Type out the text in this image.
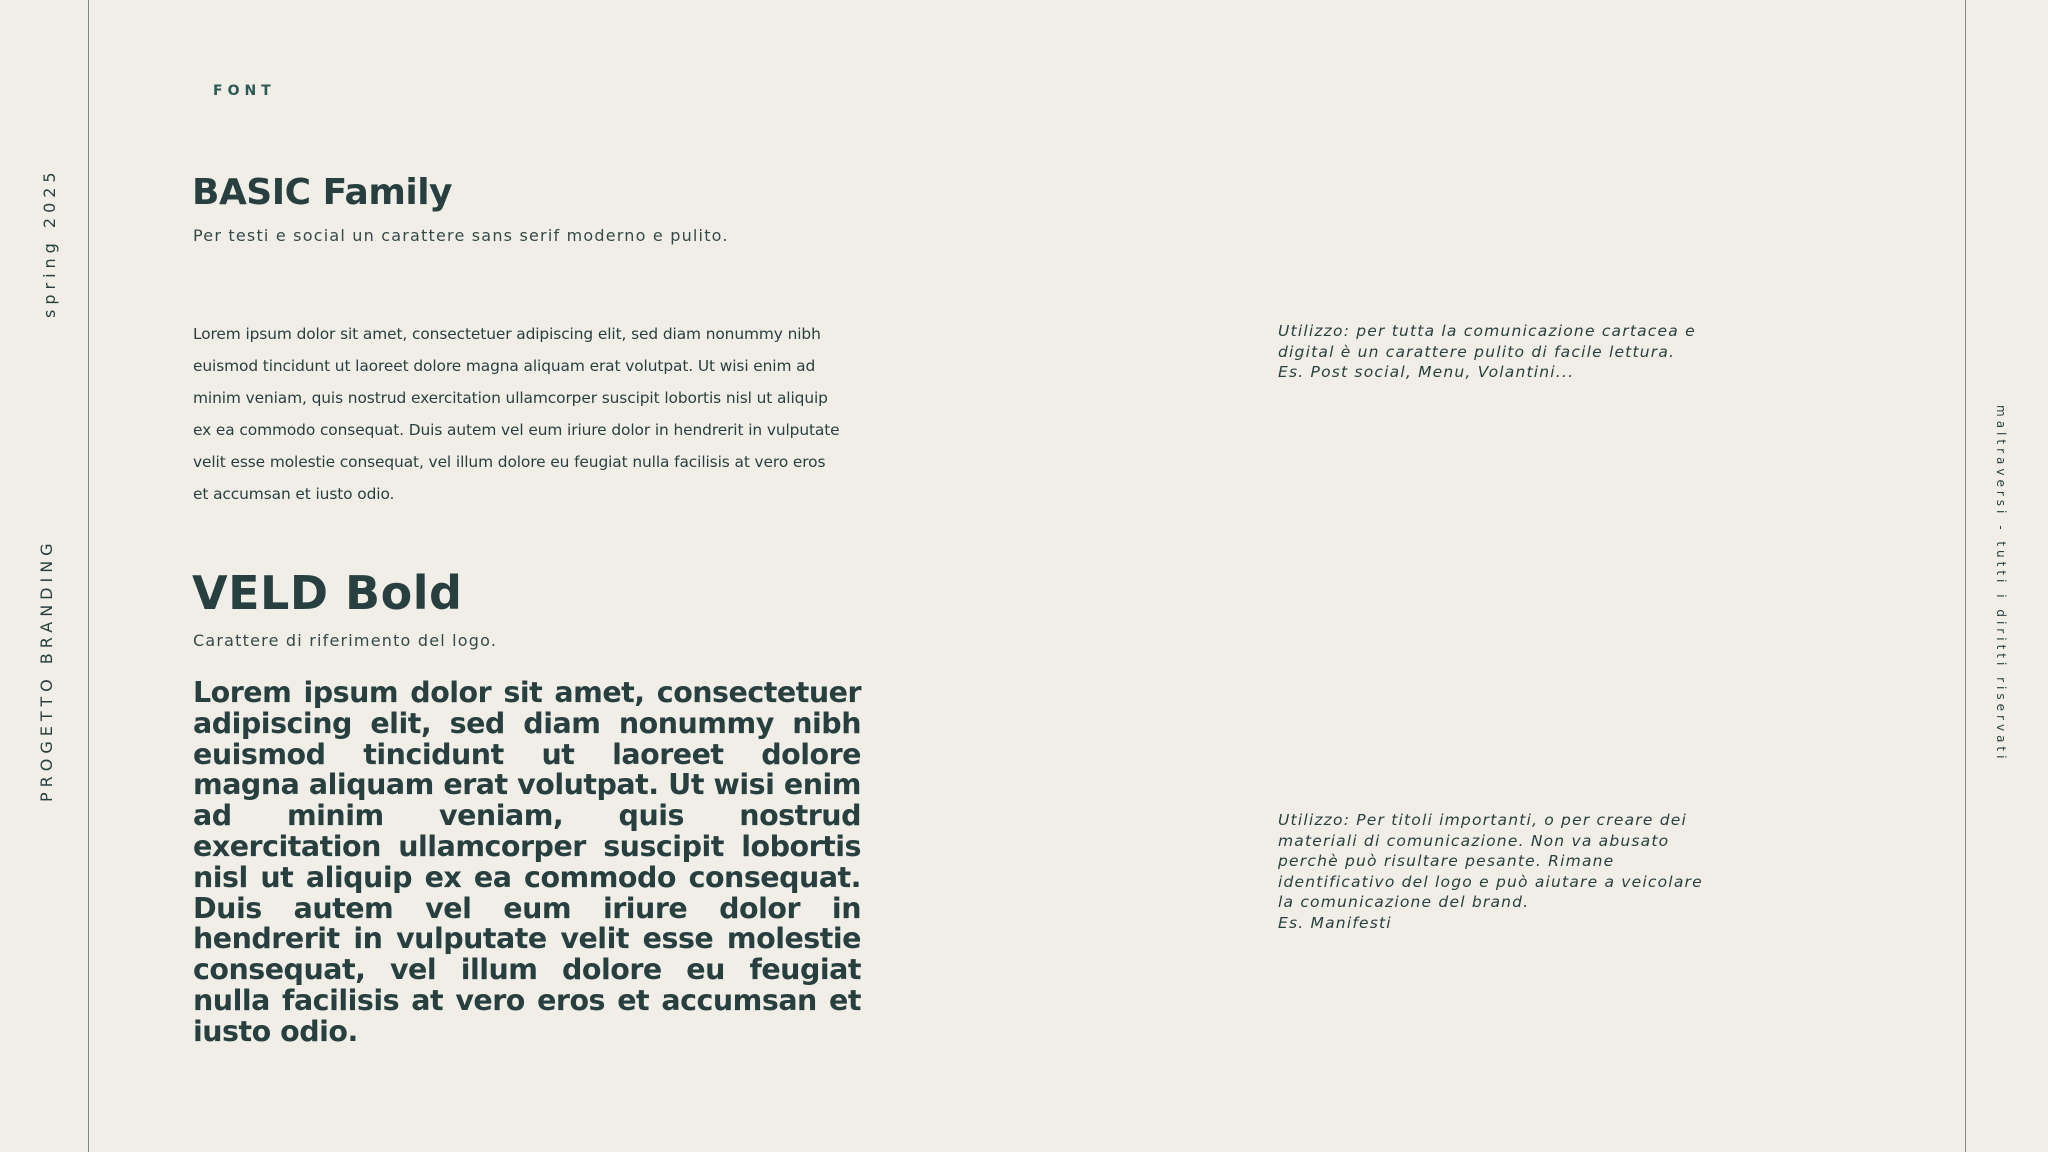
spring 2025
PROGETTO BRANDING	maltraversi - tutti i diritti riservati
FONT
BASIC Family
Per testi e social un carattere sans serif moderno e pulito.
Lorem ipsum dolor sit amet, consectetuer adipiscing elit, sed diam nonummy nibh euismod tincidunt ut laoreet dolore magna aliquam erat volutpat. Ut wisi enim ad minim veniam, quis nostrud exercitation ullamcorper suscipit lobortis nisl ut aliquip ex ea commodo consequat. Duis autem vel eum iriure dolor in hendrerit in vulputate velit esse molestie consequat, vel illum dolore eu feugiat nulla facilisis at vero eros et accumsan et iusto odio.
Utilizzo: per tutta la comunicazione cartacea e digital è un carattere pulito di facile lettura.
Es. Post social, Menu, Volantini...
VELD Bold
Carattere di riferimento del logo.
Lorem ipsum dolor sit amet, consectetuer adipiscing elit, sed diam nonummy nibh euismod tincidunt ut laoreet dolore magna aliquam erat volutpat. Ut wisi enim ad minim veniam, quis nostrud exercitation ullamcorper suscipit lobortis nisl ut aliquip ex ea commodo consequat. Duis autem vel eum iriure dolor in hendrerit in vulputate velit esse molestie consequat, vel illum dolore eu feugiat nulla facilisis at vero eros et accumsan et iusto odio.
Utilizzo: Per titoli importanti, o per creare dei materiali di comunicazione. Non va abusato perchè può risultare pesante. Rimane identificativo del logo e può aiutare a veicolare la comunicazione del brand.
Es. Manifesti
